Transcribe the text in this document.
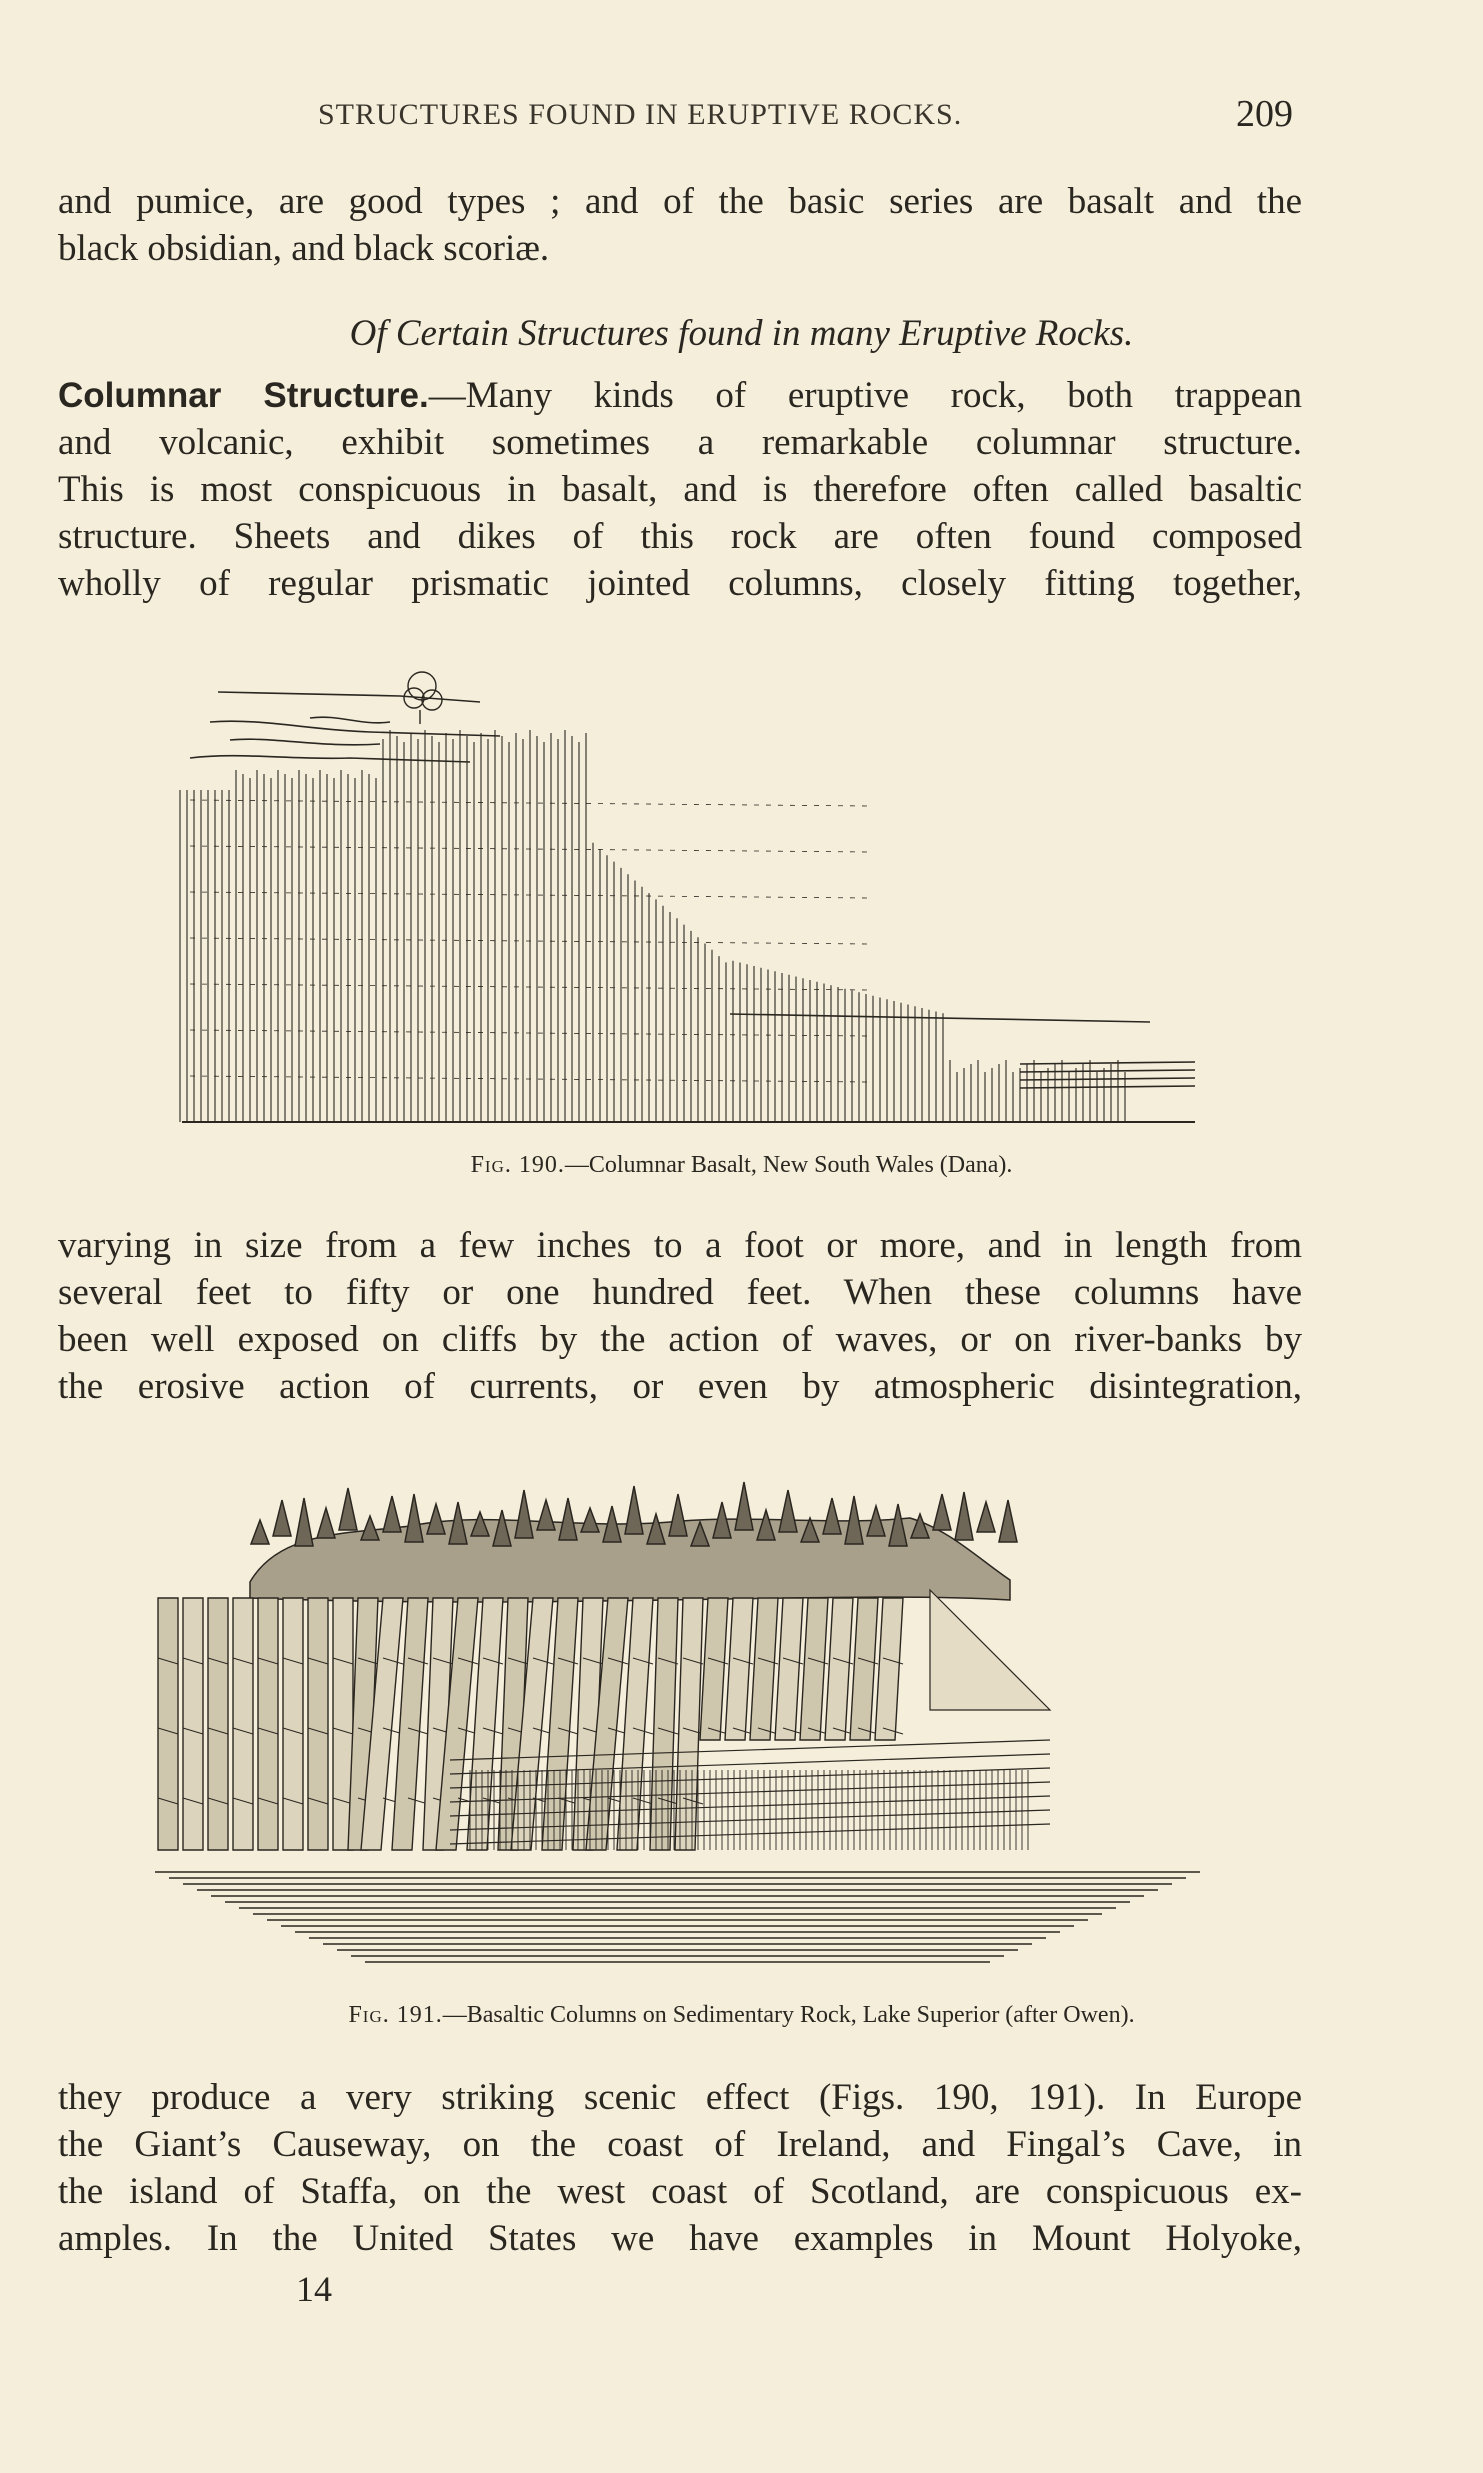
STRUCTURES FOUND IN ERUPTIVE ROCKS.	209
and pumice, are good types ; and of the basic series are basalt and the
black obsidian, and black scoriæ.
Of Certain Structures found in many Eruptive Rocks.
Columnar Structure.—Many kinds of eruptive rock, both trappean
and volcanic, exhibit sometimes a remarkable columnar structure.
This is most conspicuous in basalt, and is therefore often called basaltic
structure. Sheets and dikes of this rock are often found composed
wholly of regular prismatic jointed columns, closely fitting together,
Fig. 190.—Columnar Basalt, New South Wales (Dana).
varying in size from a few inches to a foot or more, and in length from
several feet to fifty or one hundred feet. When these columns have
been well exposed on cliffs by the action of waves, or on river-banks by
the erosive action of currents, or even by atmospheric disintegration,
Fig. 191.—Basaltic Columns on Sedimentary Rock, Lake Superior (after Owen).
they produce a very striking scenic effect (Figs. 190, 191). In Europe
the Giant’s Causeway, on the coast of Ireland, and Fingal’s Cave, in
the island of Staffa, on the west coast of Scotland, are conspicuous ex-
amples. In the United States we have examples in Mount Holyoke,
14
